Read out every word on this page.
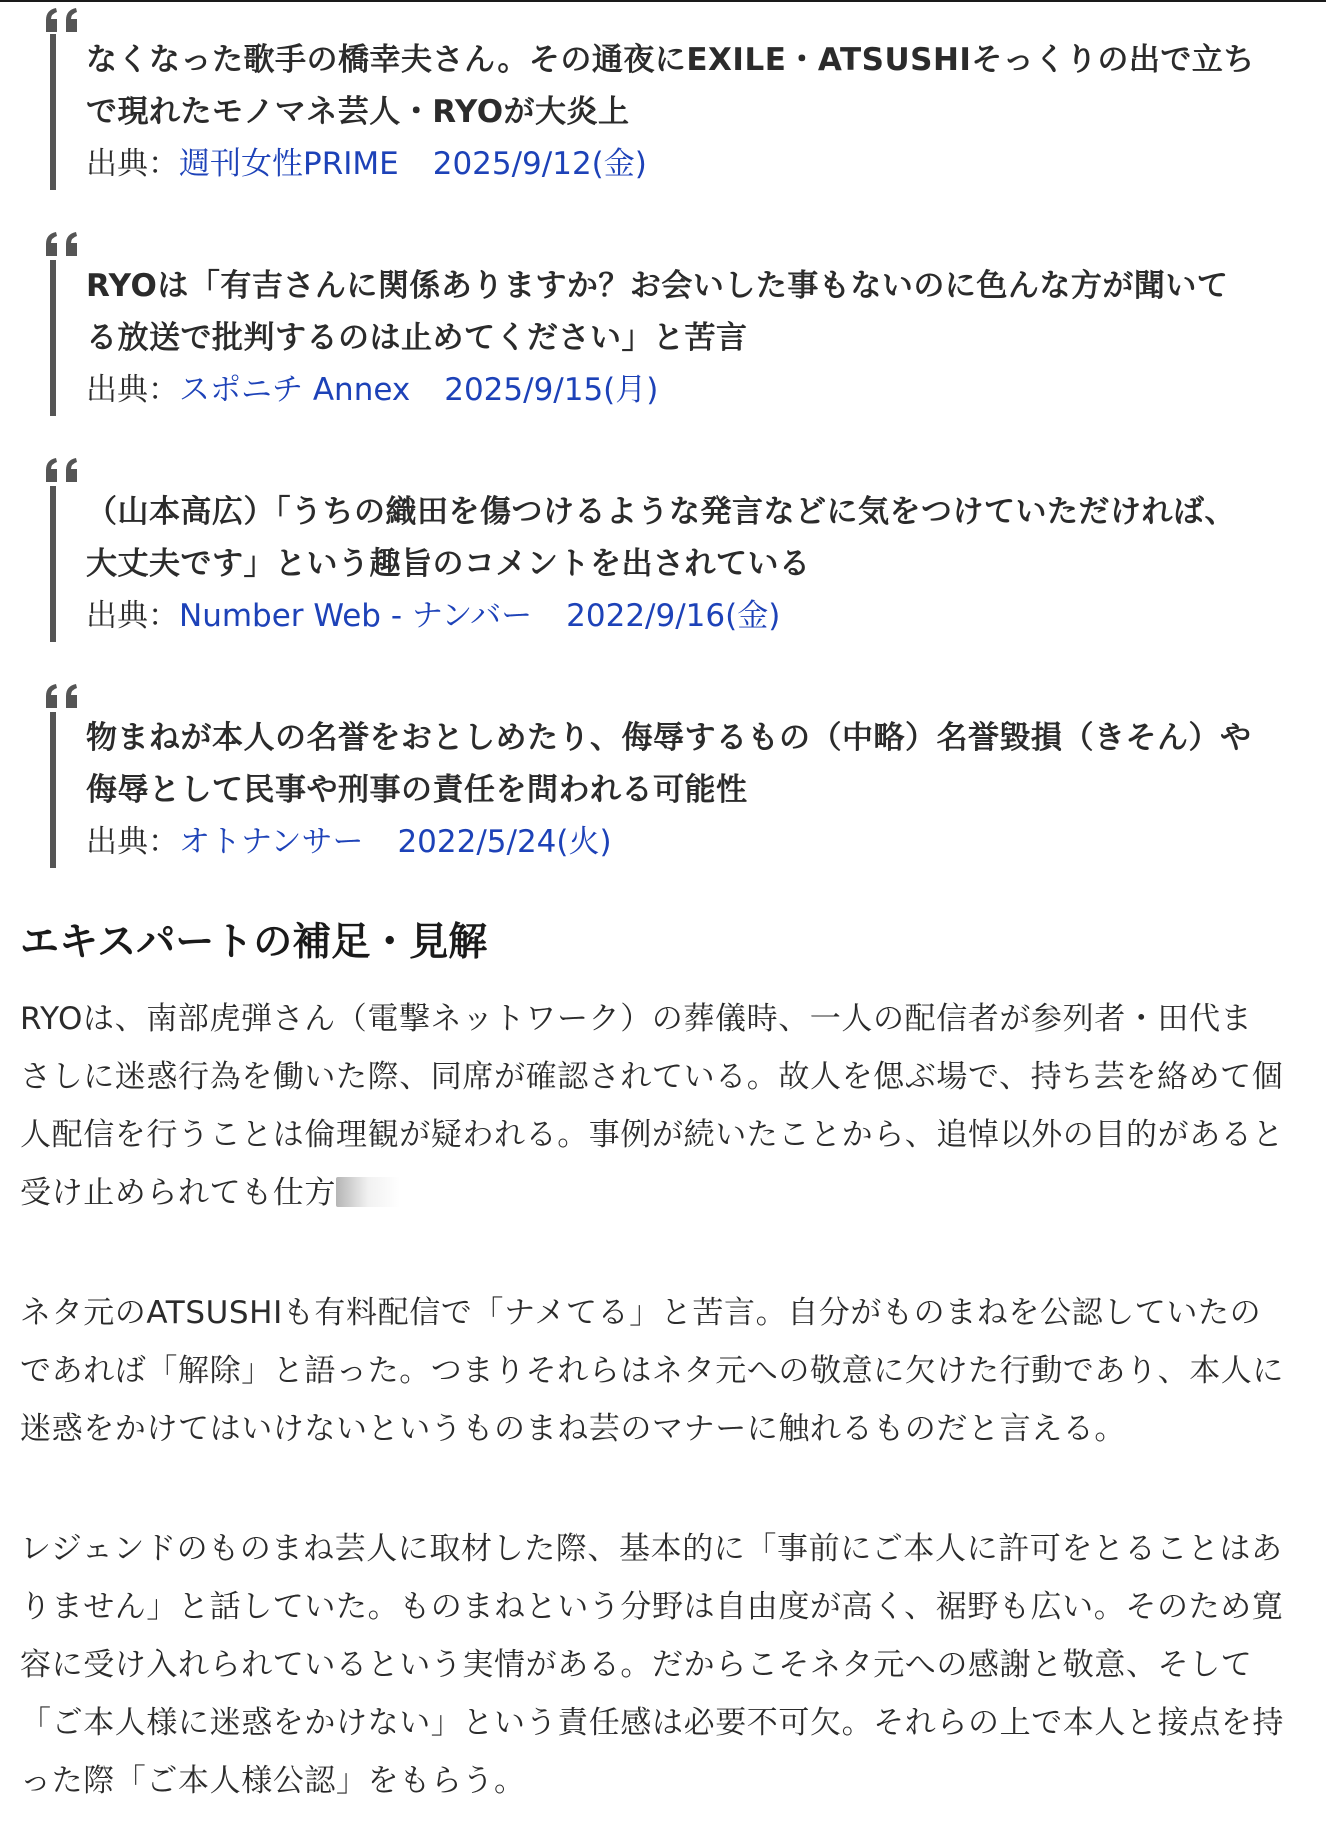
なくなった歌手の橋幸夫さん。その通夜にEXILE・ATSUSHIそっくりの出で立ち
で現れたモノマネ芸人・RYOが大炎上

出典：週刊女性PRIME 2025/9/12(金)

RYOは「有吉さんに関係ありますか？お会いした事もないのに色んな方が聞いて
る放送で批判するのは止めてください」と苦言

出典：スポニチ Annex 2025/9/15(月)

（山本高広）「うちの織田を傷つけるような発言などに気をつけていただければ、
大丈夫です」という趣旨のコメントを出されている

出典：Number Web - ナンバー 2022/9/16(金)

物まねが本人の名誉をおとしめたり、侮辱するもの（中略）名誉毀損（きそん）や
侮辱として民事や刑事の責任を問われる可能性

出典：オトナンサー 2022/5/24(火)

エキスパートの補足・見解

RYOは、南部虎弾さん（電撃ネットワーク）の葬儀時、一人の配信者が参列者・田代ま
さしに迷惑行為を働いた際、同席が確認されている。故人を偲ぶ場で、持ち芸を絡めて個
人配信を行うことは倫理観が疑われる。事例が続いたことから、追悼以外の目的があると
受け止められても仕方

ネタ元のATSUSHIも有料配信で「ナメてる」と苦言。自分がものまねを公認していたの
であれば「解除」と語った。つまりそれらはネタ元への敬意に欠けた行動であり、本人に
迷惑をかけてはいけないというものまね芸のマナーに触れるものだと言える。

レジェンドのものまね芸人に取材した際、基本的に「事前にご本人に許可をとることはあ
りません」と話していた。ものまねという分野は自由度が高く、裾野も広い。そのため寛
容に受け入れられているという実情がある。だからこそネタ元への感謝と敬意、そして
「ご本人様に迷惑をかけない」という責任感は必要不可欠。それらの上で本人と接点を持
った際「ご本人様公認」をもらう。
